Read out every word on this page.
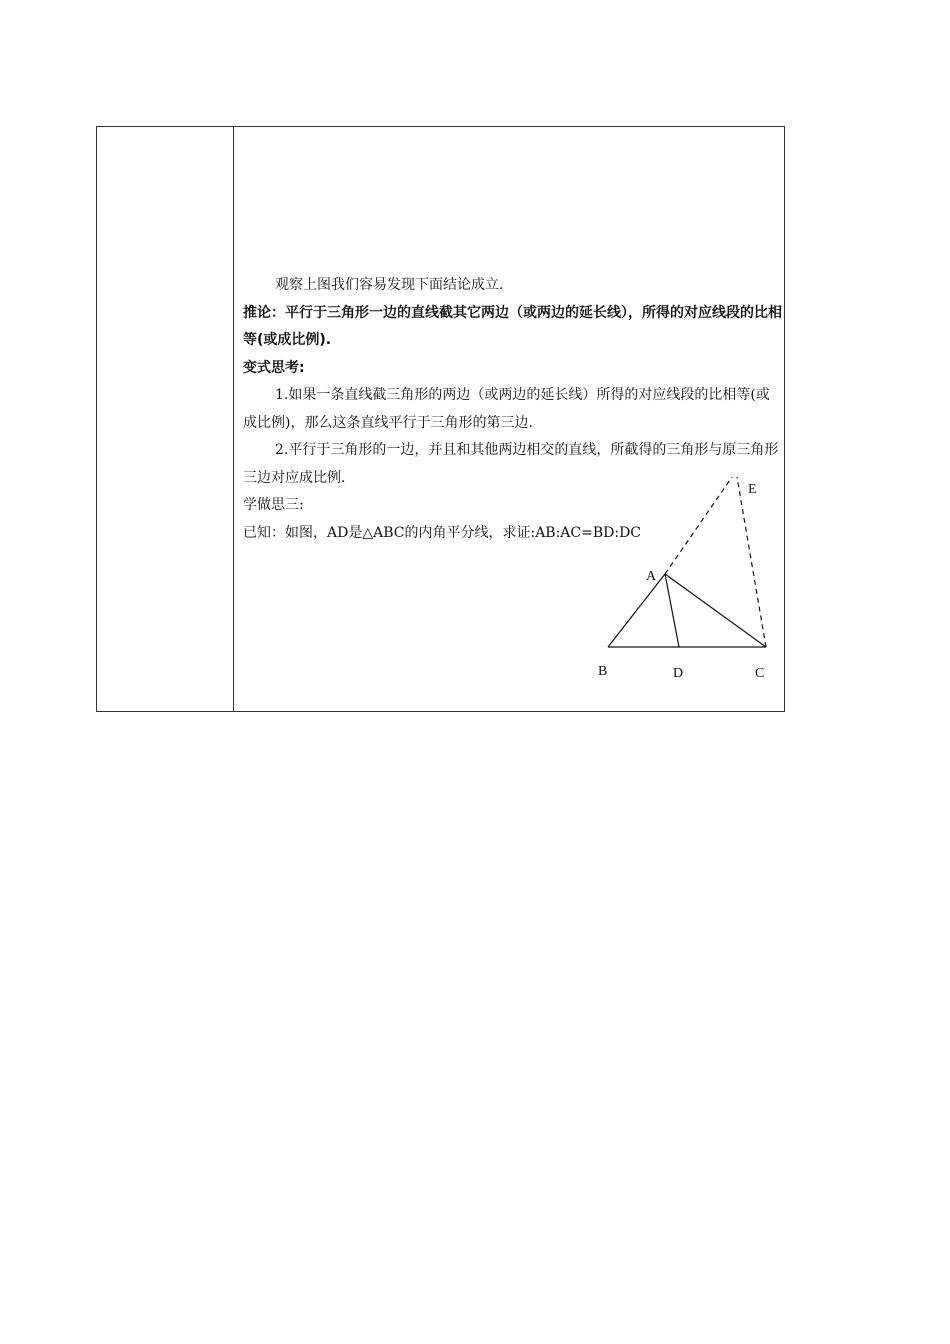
观察上图我们容易发现下面结论成立.

推论：平行于三角形一边的直线截其它两边（或两边的延长线），所得的对应线段的比相等(或成比例).

变式思考:

1.如果一条直线截三角形的两边（或两边的延长线）所得的对应线段的比相等(或成比例)，那么这条直线平行于三角形的第三边.

2.平行于三角形的一边，并且和其他两边相交的直线，所截得的三角形与原三角形三边对应成比例.

学做思三:

已知：如图，AD是△ABC的内角平分线，求证:AB:AC=BD:DC

A
B	C
D
E
